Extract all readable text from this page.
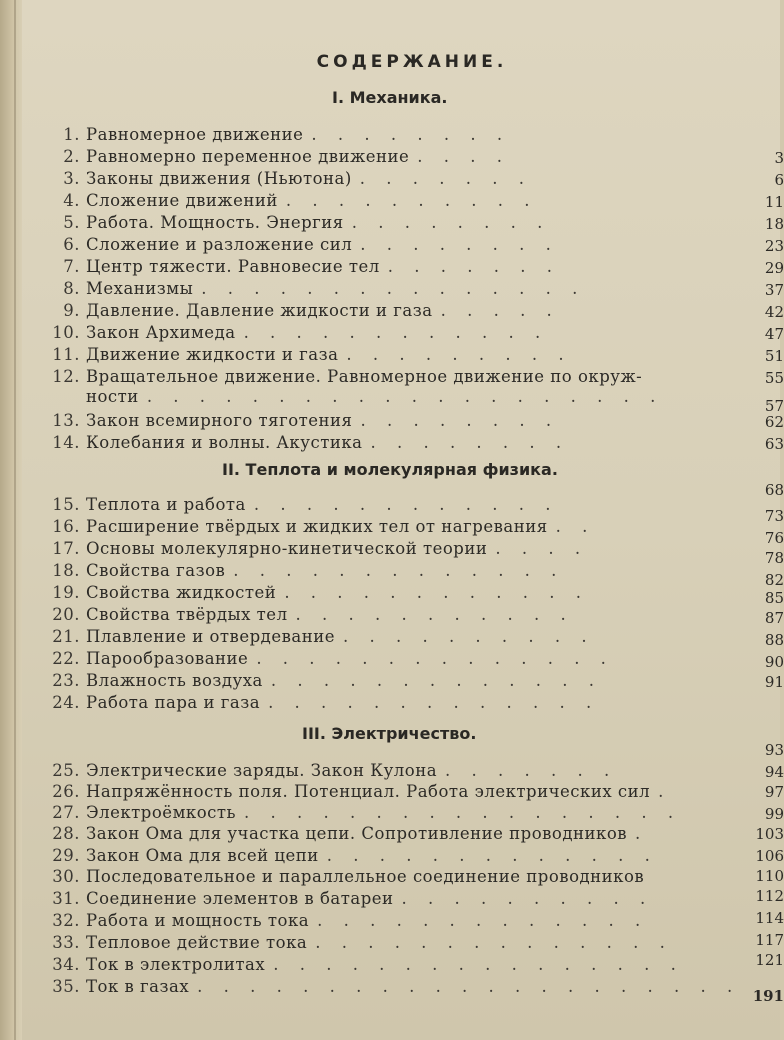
СОДЕРЖАНИЕ.
I. Механика.
1. Равномерное движение . . . . . . . .
2. Равномерно переменное движение . . . .
3. Законы движения (Ньютона) . . . . . . .
4. Сложение движений . . . . . . . . . .
5. Работа. Мощность. Энергия . . . . . . . .
6. Сложение и разложение сил . . . . . . . .
7. Центр тяжести. Равновесие тел . . . . . . .
8. Механизмы . . . . . . . . . . . . . . .
9. Давление. Давление жидкости и газа . . . . .
10. Закон Архимеда . . . . . . . . . . . .
11. Движение жидкости и газа . . . . . . . . .
12. Вращательное движение. Равномерное движение по окруж-
ности . . . . . . . . . . . . . . . . . . . .
13. Закон всемирного тяготения . . . . . . . .
14. Колебания и волны. Акустика . . . . . . . .
3
6
11
18
23
29
37
42
47
51
55
57
62
63
II. Теплота и молекулярная физика.
15. Теплота и работа . . . . . . . . . . . .
16. Расширение твёрдых и жидких тел от нагревания . .
17. Основы молекулярно-кинетической теории . . . .
18. Свойства газов . . . . . . . . . . . . .
19. Свойства жидкостей . . . . . . . . . . . .
20. Свойства твёрдых тел . . . . . . . . . . .
21. Плавление и отвердевание . . . . . . . . . .
22. Парообразование . . . . . . . . . . . . . .
23. Влажность воздуха . . . . . . . . . . . . .
24. Работа пара и газа . . . . . . . . . . . . .
68
73
76
78
82
85
87
88
90
91
III. Электричество.
25. Электрические заряды. Закон Кулона . . . . . . .
26. Напряжённость поля. Потенциал. Работа электрических сил .
27. Электроёмкость . . . . . . . . . . . . . . . . .
28. Закон Ома для участка цепи. Сопротивление проводников .
29. Закон Ома для всей цепи . . . . . . . . . . . . .
30. Последовательное и параллельное соединение проводников
31. Соединение элементов в батареи . . . . . . . . . .
32. Работа и мощность тока . . . . . . . . . . . . .
33. Тепловое действие тока . . . . . . . . . . . . . .
34. Ток в электролитах . . . . . . . . . . . . . . . .
35. Ток в газах . . . . . . . . . . . . . . . . . . . . .
93
94
97
99
103
106
110
112
114
117
121
191
